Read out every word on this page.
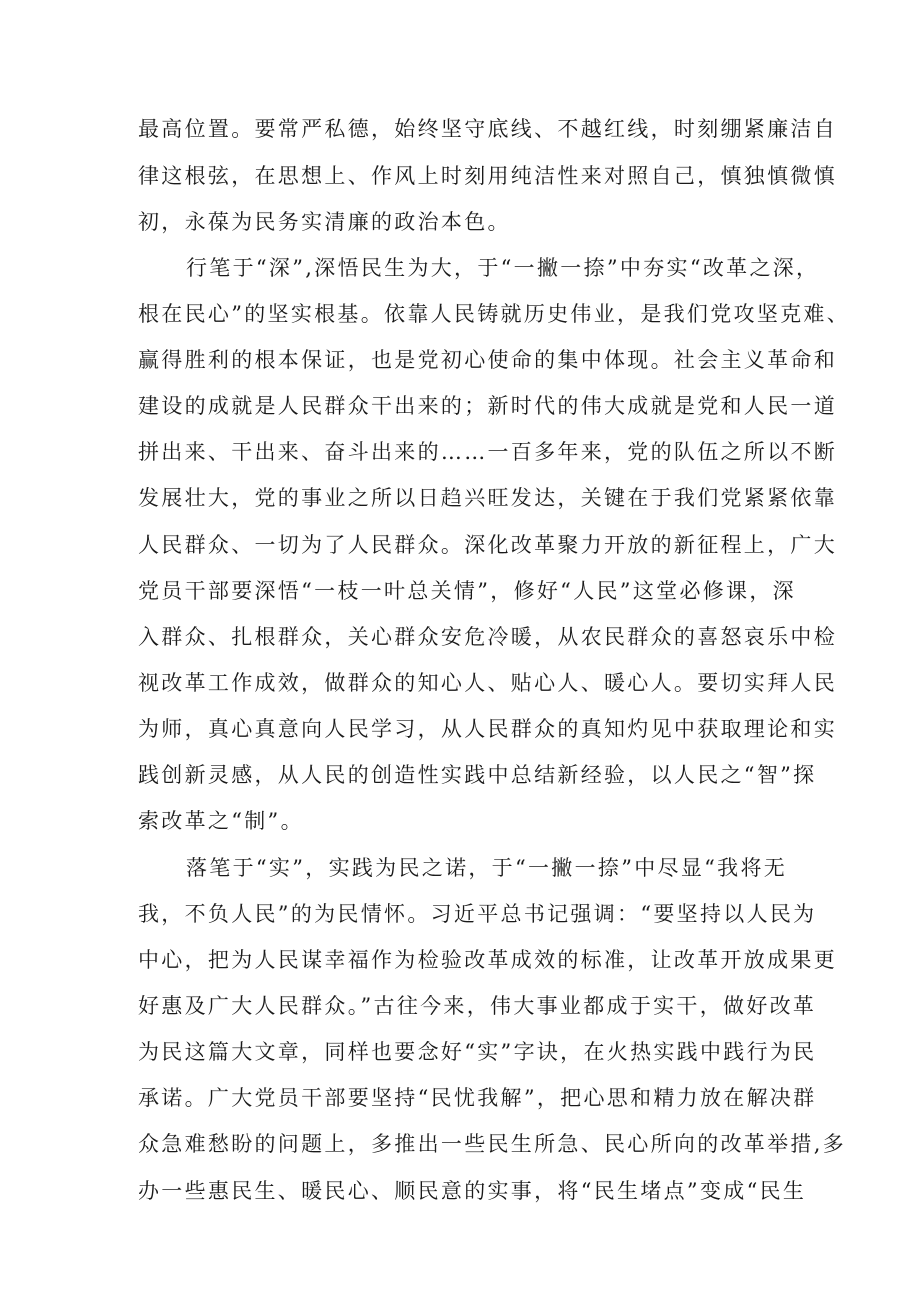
最高位置。要常严私德，始终坚守底线、不越红线，时刻绷紧廉洁自

律这根弦，在思想上、作风上时刻用纯洁性来对照自己，慎独慎微慎

初，永葆为民务实清廉的政治本色。

行笔于“深”,深悟民生为大，于“一撇一捺”中夯实“改革之深，

根在民心”的坚实根基。依靠人民铸就历史伟业，是我们党攻坚克难、

赢得胜利的根本保证，也是党初心使命的集中体现。社会主义革命和

建设的成就是人民群众干出来的；新时代的伟大成就是党和人民一道

拼出来、干出来、奋斗出来的……一百多年来，党的队伍之所以不断

发展壮大，党的事业之所以日趋兴旺发达，关键在于我们党紧紧依靠

人民群众、一切为了人民群众。深化改革聚力开放的新征程上，广大

党员干部要深悟“一枝一叶总关情”，修好“人民”这堂必修课，深

入群众、扎根群众，关心群众安危冷暖，从农民群众的喜怒哀乐中检

视改革工作成效，做群众的知心人、贴心人、暖心人。要切实拜人民

为师，真心真意向人民学习，从人民群众的真知灼见中获取理论和实

践创新灵感，从人民的创造性实践中总结新经验，以人民之“智”探

索改革之“制”。

落笔于“实”，实践为民之诺，于“一撇一捺”中尽显“我将无

我，不负人民”的为民情怀。习近平总书记强调：“要坚持以人民为

中心，把为人民谋幸福作为检验改革成效的标准，让改革开放成果更

好惠及广大人民群众。”古往今来，伟大事业都成于实干，做好改革

为民这篇大文章，同样也要念好“实”字诀，在火热实践中践行为民

承诺。广大党员干部要坚持“民忧我解”，把心思和精力放在解决群

众急难愁盼的问题上，多推出一些民生所急、民心所向的改革举措,多

办一些惠民生、暖民心、顺民意的实事，将“民生堵点”变成“民生
